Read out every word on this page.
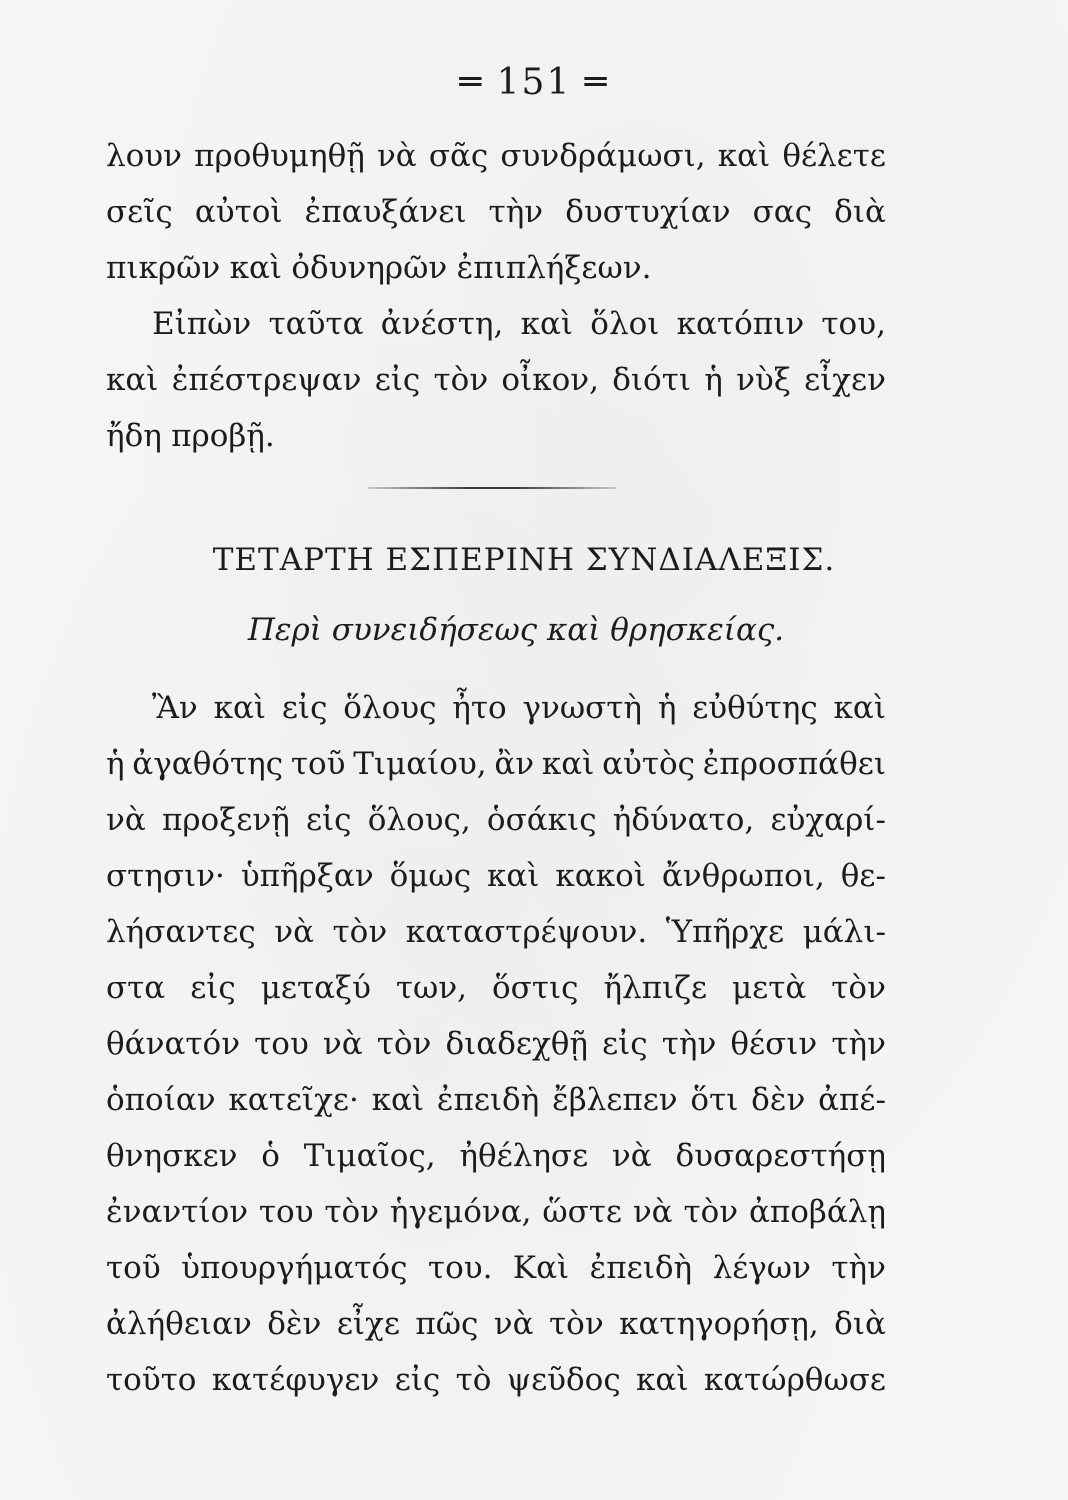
═ 151 ═
λουν προθυμηθῇ νὰ σᾶς συνδράμωσι, καὶ θέλετε
σεῖς αὐτοὶ ἐπαυξάνει τὴν δυστυχίαν σας διὰ
πικρῶν καὶ ὀδυνηρῶν ἐπιπλήξεων.
Εἰπὼν ταῦτα ἀνέστη, καὶ ὅλοι κατόπιν του,
καὶ ἐπέστρεψαν εἰς τὸν οἶκον, διότι ἡ νὺξ εἶχεν
ἤδη προβῇ.
ΤΕΤΑΡΤΗ ΕΣΠΕΡΙΝΗ ΣΥΝΔΙΑΛΕΞΙΣ.
Περὶ συνειδήσεως καὶ θρησκείας.
Ἂν καὶ εἰς ὅλους ἦτο γνωστὴ ἡ εὐθύτης καὶ
ἡ ἀγαθότης τοῦ Τιμαίου, ἂν καὶ αὐτὸς ἐπροσπάθει
νὰ προξενῇ εἰς ὅλους, ὁσάκις ἠδύνατο, εὐχαρί-
στησιν· ὑπῆρξαν ὅμως καὶ κακοὶ ἄνθρωποι, θε-
λήσαντες νὰ τὸν καταστρέψουν. Ὑπῆρχε μάλι-
στα εἰς μεταξύ των, ὅστις ἤλπιζε μετὰ τὸν
θάνατόν του νὰ τὸν διαδεχθῇ εἰς τὴν θέσιν τὴν
ὁποίαν κατεῖχε· καὶ ἐπειδὴ ἔβλεπεν ὅτι δὲν ἀπέ-
θνησκεν ὁ Τιμαῖος, ἠθέλησε νὰ δυσαρεστήσῃ
ἐναντίον του τὸν ἡγεμόνα, ὥστε νὰ τὸν ἀποβάλῃ
τοῦ ὑπουργήματός του. Καὶ ἐπειδὴ λέγων τὴν
ἀλήθειαν δὲν εἶχε πῶς νὰ τὸν κατηγορήσῃ, διὰ
τοῦτο κατέφυγεν εἰς τὸ ψεῦδος καὶ κατώρθωσε
